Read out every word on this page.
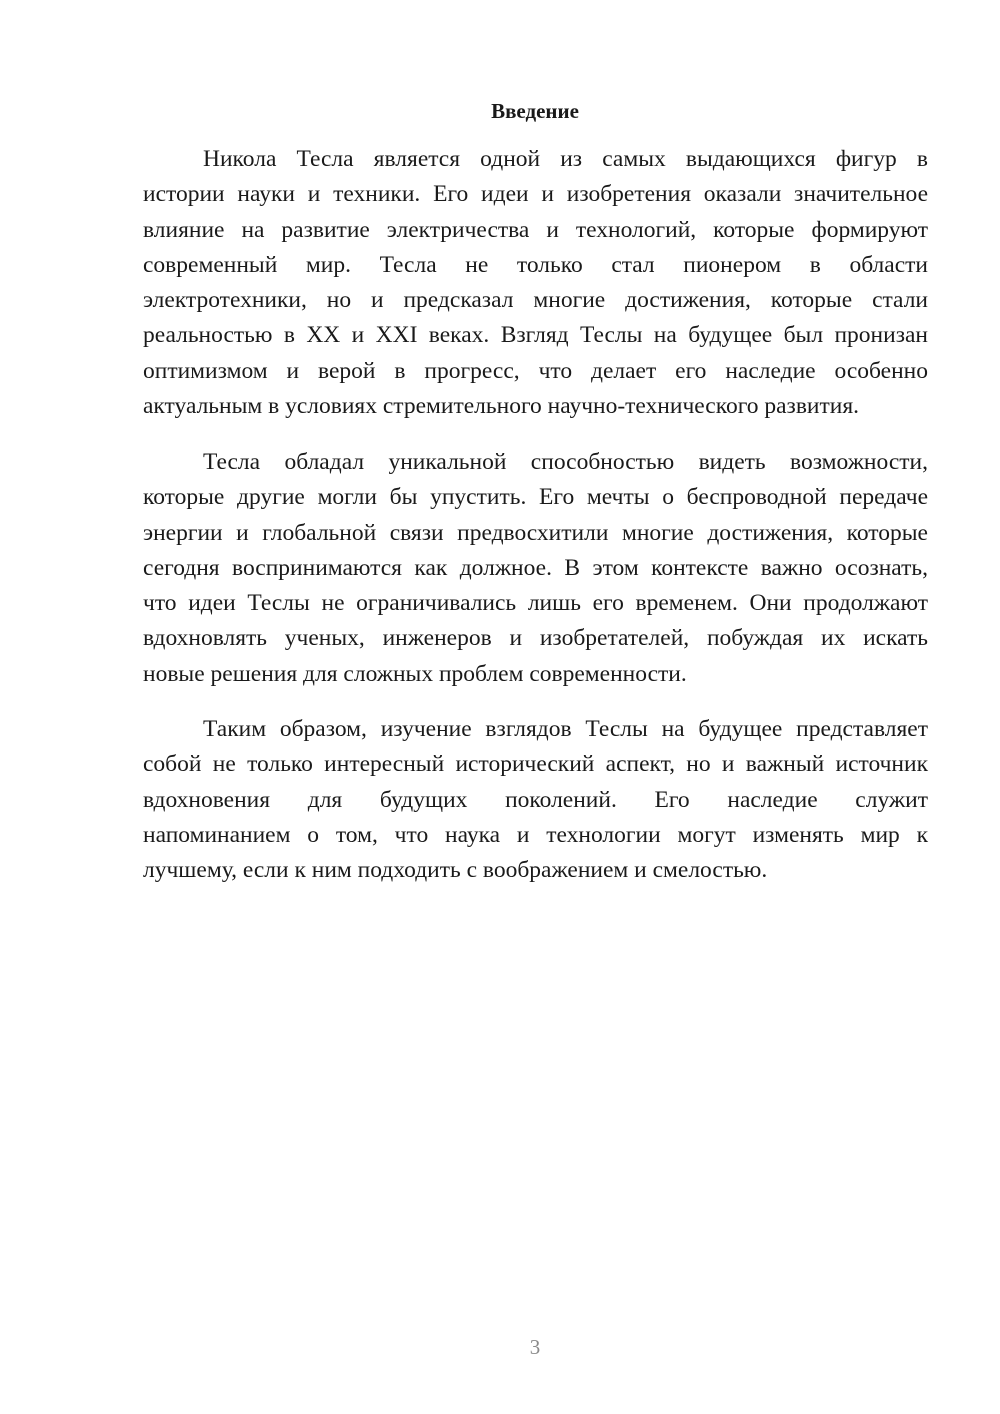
Введение
Никола Тесла является одной из самых выдающихся фигур в
истории науки и техники. Его идеи и изобретения оказали значительное
влияние на развитие электричества и технологий, которые формируют
современный мир. Тесла не только стал пионером в области
электротехники, но и предсказал многие достижения, которые стали
реальностью в XX и XXI веках. Взгляд Теслы на будущее был пронизан
оптимизмом и верой в прогресс, что делает его наследие особенно
актуальным в условиях стремительного научно-технического развития.
Тесла обладал уникальной способностью видеть возможности,
которые другие могли бы упустить. Его мечты о беспроводной передаче
энергии и глобальной связи предвосхитили многие достижения, которые
сегодня воспринимаются как должное. В этом контексте важно осознать,
что идеи Теслы не ограничивались лишь его временем. Они продолжают
вдохновлять ученых, инженеров и изобретателей, побуждая их искать
новые решения для сложных проблем современности.
Таким образом, изучение взглядов Теслы на будущее представляет
собой не только интересный исторический аспект, но и важный источник
вдохновения для будущих поколений. Его наследие служит
напоминанием о том, что наука и технологии могут изменять мир к
лучшему, если к ним подходить с воображением и смелостью.
3
